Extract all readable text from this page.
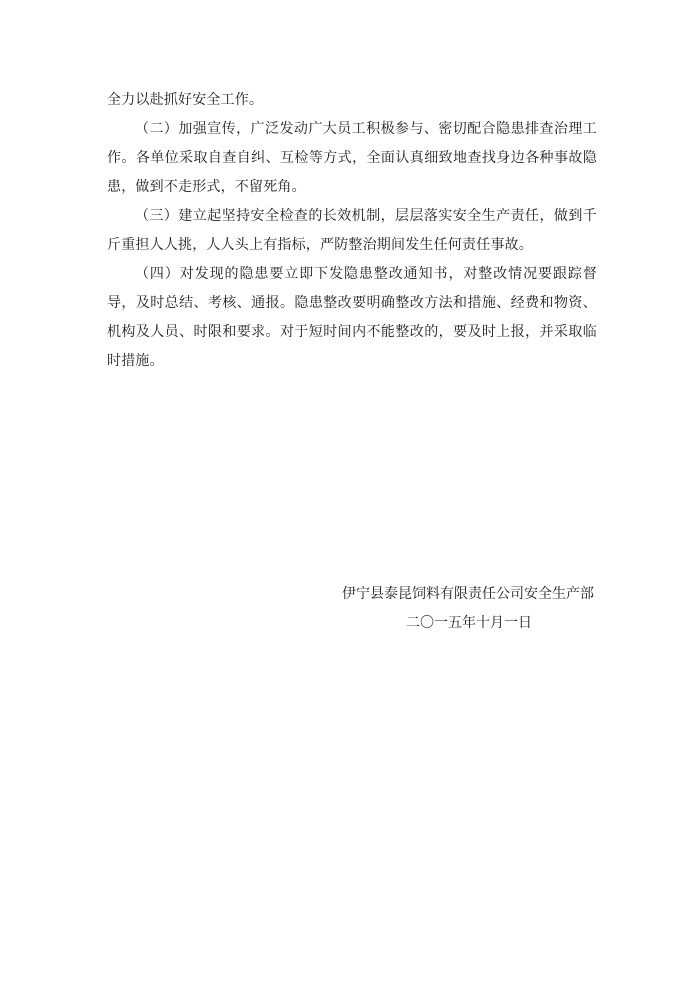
全力以赴抓好安全工作。

（二）加强宣传，广泛发动广大员工积极参与、密切配合隐患排查治理工作。各单位采取自查自纠、互检等方式，全面认真细致地查找身边各种事故隐患，做到不走形式，不留死角。

（三）建立起坚持安全检查的长效机制，层层落实安全生产责任，做到千斤重担人人挑，人人头上有指标，严防整治期间发生任何责任事故。

（四）对发现的隐患要立即下发隐患整改通知书，对整改情况要跟踪督导，及时总结、考核、通报。隐患整改要明确整改方法和措施、经费和物资、机构及人员、时限和要求。对于短时间内不能整改的，要及时上报，并采取临时措施。

伊宁县泰昆饲料有限责任公司安全生产部
二〇一五年十月一日
